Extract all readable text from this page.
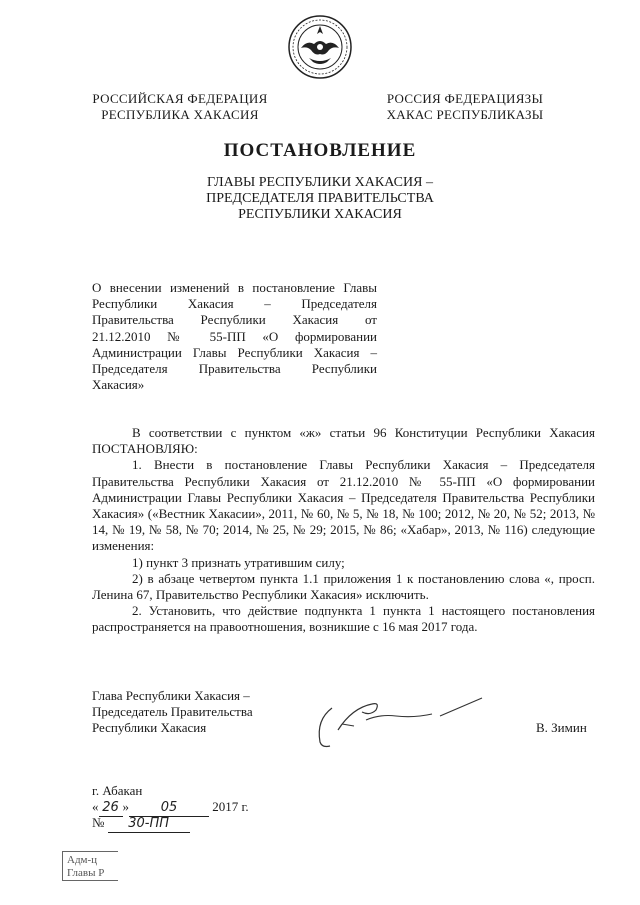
РОССИЙСКАЯ ФЕДЕРАЦИЯ
РЕСПУБЛИКА ХАКАСИЯ
РОССИЯ ФЕДЕРАЦИЯЗЫ
ХАКАС РЕСПУБЛИКАЗЫ
ПОСТАНОВЛЕНИЕ
ГЛАВЫ РЕСПУБЛИКИ ХАКАСИЯ –
ПРЕДСЕДАТЕЛЯ ПРАВИТЕЛЬСТВА
РЕСПУБЛИКИ ХАКАСИЯ
О внесении изменений в постановление Главы
Республики Хакасия – Председателя
Правительства Республики Хакасия от
21.12.2010 № 55-ПП «О формировании
Администрации Главы Республики Хакасия –
Председателя Правительства Республики
Хакасия»
В соответствии с пунктом «ж» статьи 96 Конституции Республики Хакасия ПОСТАНОВЛЯЮ:
1. Внести в постановление Главы Республики Хакасия – Председателя Правительства Республики Хакасия от 21.12.2010 № 55-ПП «О формировании Администрации Главы Республики Хакасия – Председателя Правительства Республики Хакасия» («Вестник Хакасии», 2011, № 60, № 5, № 18, № 100; 2012, № 20, № 52; 2013, № 14, № 19, № 58, № 70; 2014, № 25, № 29; 2015, № 86; «Хабар», 2013, № 116) следующие изменения:
1) пункт 3 признать утратившим силу;
2) в абзаце четвертом пункта 1.1 приложения 1 к постановлению слова «, просп. Ленина 67, Правительство Республики Хакасия» исключить.
2. Установить, что действие подпункта 1 пункта 1 настоящего постановления распространяется на правоотношения, возникшие с 16 мая 2017 года.
Глава Республики Хакасия –
Председатель Правительства
Республики Хакасия	В. Зимин
г. Абакан
« 26 » 05	2017 г.
№ 30-ПП
Адм-ц
Главы Р
